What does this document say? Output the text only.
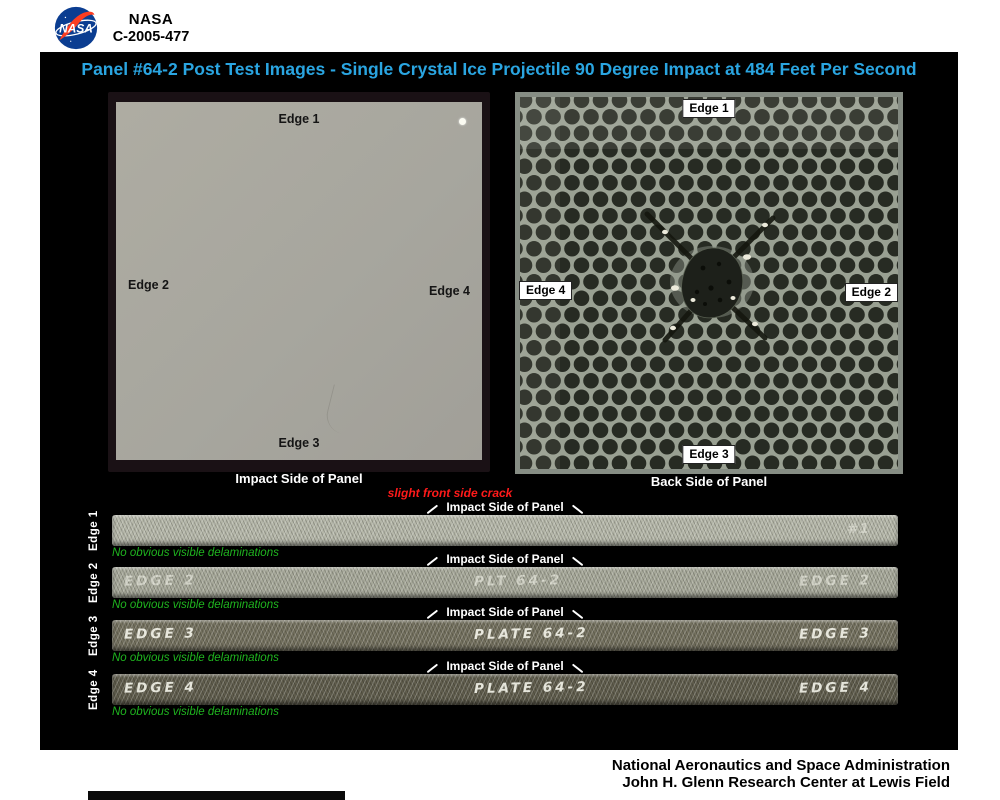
NASA
NASA
C-2005-477
Panel #64-2 Post Test Images - Single Crystal Ice Projectile 90 Degree Impact at 484 Feet Per Second
Edge 1
Edge 2	Edge 4
Edge 3
Impact Side of Panel
slight front side crack
Edge 1
Edge 4	Edge 2
Edge 3
Back Side of Panel
Impact Side of Panel
Edge 1	#1
No obvious visible delaminations	Impact Side of Panel
Edge 2	EDGE 2	PLT 64-2	EDGE 2
No obvious visible delaminations	Impact Side of Panel
Edge 3	EDGE 3	PLATE 64-2	EDGE 3
No obvious visible delaminations
Impact Side of Panel
Edge 4	EDGE 4	PLATE 64-2	EDGE 4
No obvious visible delaminations
National Aeronautics and Space Administration
John H. Glenn Research Center at Lewis Field
